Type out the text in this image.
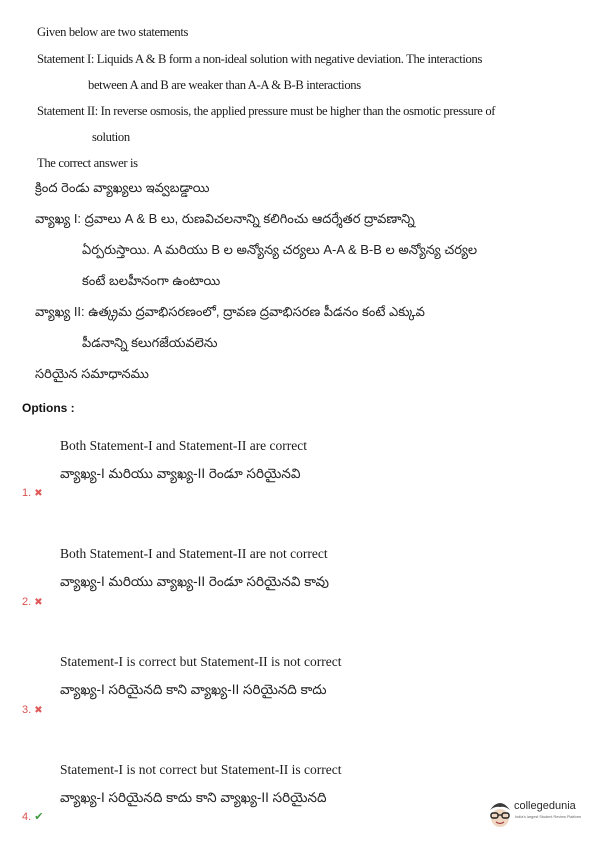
Given below are two statements
Statement I: Liquids A & B form a non-ideal solution with negative deviation. The interactions
between A and B are weaker than A-A & B-B interactions
Statement II: In reverse osmosis, the applied pressure must be higher than the osmotic pressure of
solution
The correct answer is
క్రింద రెండు వ్యాఖ్యలు ఇవ్వబడ్డాయి
వ్యాఖ్య I: ద్రవాలు A & B లు, రుణవిచలనాన్ని కలిగించు ఆదర్శేతర ద్రావణాన్ని
ఏర్పరుస్తాయి. A మరియు B ల అన్యోన్య చర్యలు A-A & B-B ల అన్యోన్య చర్యల
కంటే బలహీనంగా ఉంటాయి
వ్యాఖ్య II: ఉత్క్రమ ద్రవాభిసరణంలో, ద్రావణ ద్రవాభిసరణ పీడనం కంటే ఎక్కువ
పీడనాన్ని కలుగజేయవలెను
సరియైన సమాధానము
Options :
Both Statement-I and Statement-II are correct
వ్యాఖ్య-I మరియు వ్యాఖ్య-II రెండూ సరియైనవి
1. ✖
Both Statement-I and Statement-II are not correct
వ్యాఖ్య-I మరియు వ్యాఖ్య-II రెండూ సరియైనవి కావు
2. ✖
Statement-I is correct but Statement-II is not correct
వ్యాఖ్య-I సరియైనది కాని వ్యాఖ్య-II సరియైనది కాదు
3. ✖
Statement-I is not correct but Statement-II is correct
వ్యాఖ్య-I సరియైనది కాదు కాని వ్యాఖ్య-II సరియైనది
4. ✔
collegedunia
India's largest Student Review Platform
